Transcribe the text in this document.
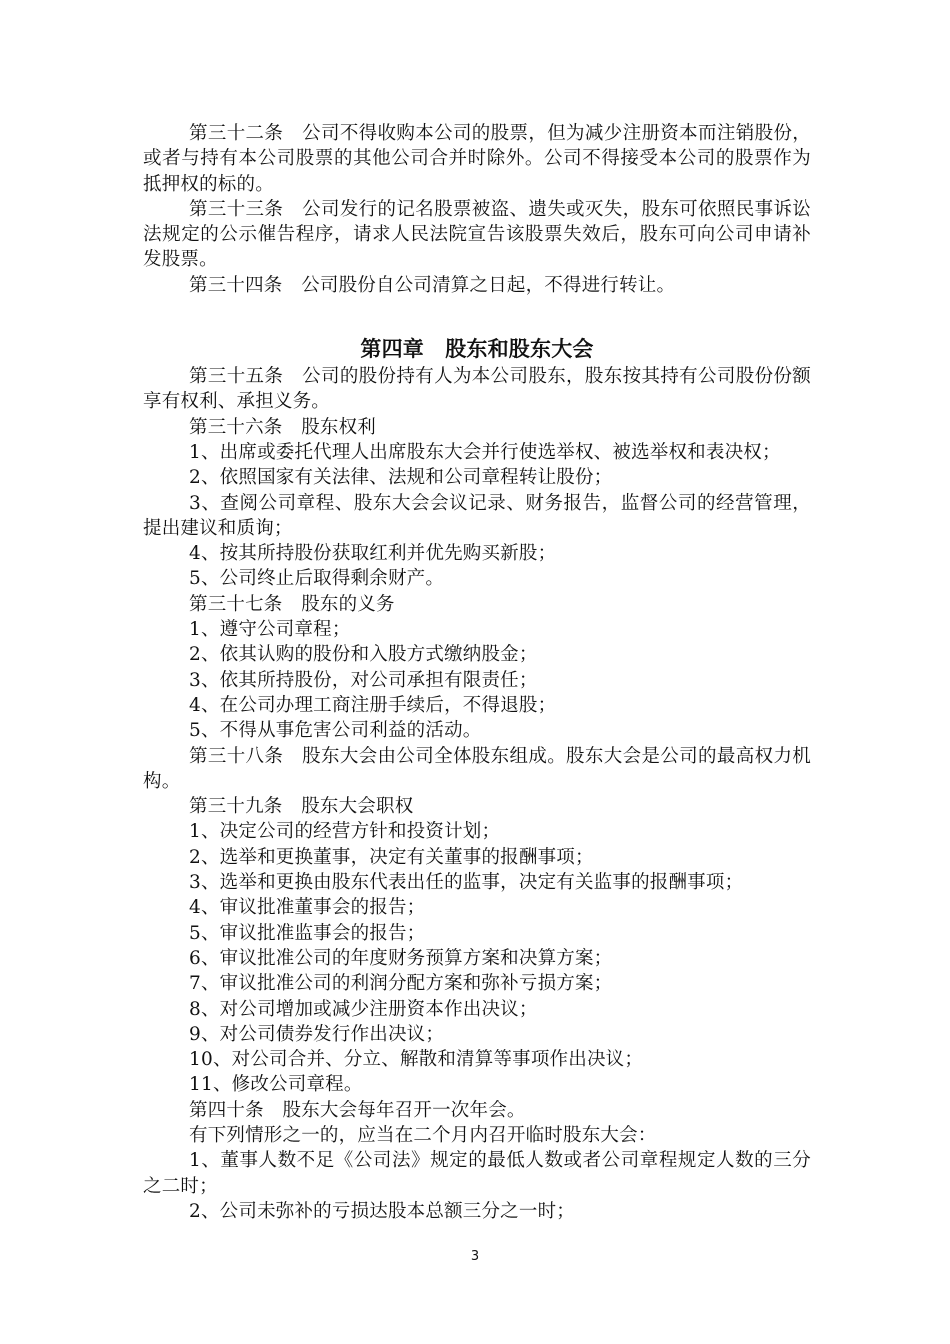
第三十二条　公司不得收购本公司的股票，但为减少注册资本而注销股份，或者与持有本公司股票的其他公司合并时除外。公司不得接受本公司的股票作为抵押权的标的。

第三十三条　公司发行的记名股票被盗、遗失或灭失，股东可依照民事诉讼法规定的公示催告程序，请求人民法院宣告该股票失效后，股东可向公司申请补发股票。

第三十四条　公司股份自公司清算之日起，不得进行转让。

第四章　股东和股东大会

第三十五条　公司的股份持有人为本公司股东，股东按其持有公司股份份额享有权利、承担义务。

第三十六条　股东权利

1、出席或委托代理人出席股东大会并行使选举权、被选举权和表决权；

2、依照国家有关法律、法规和公司章程转让股份；

3、查阅公司章程、股东大会会议记录、财务报告，监督公司的经营管理，提出建议和质询；

4、按其所持股份获取红利并优先购买新股；

5、公司终止后取得剩余财产。

第三十七条　股东的义务

1、遵守公司章程；

2、依其认购的股份和入股方式缴纳股金；

3、依其所持股份，对公司承担有限责任；

4、在公司办理工商注册手续后，不得退股；

5、不得从事危害公司利益的活动。

第三十八条　股东大会由公司全体股东组成。股东大会是公司的最高权力机构。

第三十九条　股东大会职权

1、决定公司的经营方针和投资计划；

2、选举和更换董事，决定有关董事的报酬事项；

3、选举和更换由股东代表出任的监事，决定有关监事的报酬事项；

4、审议批准董事会的报告；

5、审议批准监事会的报告；

6、审议批准公司的年度财务预算方案和决算方案；

7、审议批准公司的利润分配方案和弥补亏损方案；

8、对公司增加或减少注册资本作出决议；

9、对公司债券发行作出决议；

10、对公司合并、分立、解散和清算等事项作出决议；

11、修改公司章程。

第四十条　股东大会每年召开一次年会。

有下列情形之一的，应当在二个月内召开临时股东大会：

1、董事人数不足《公司法》规定的最低人数或者公司章程规定人数的三分之二时；

2、公司未弥补的亏损达股本总额三分之一时；

3
